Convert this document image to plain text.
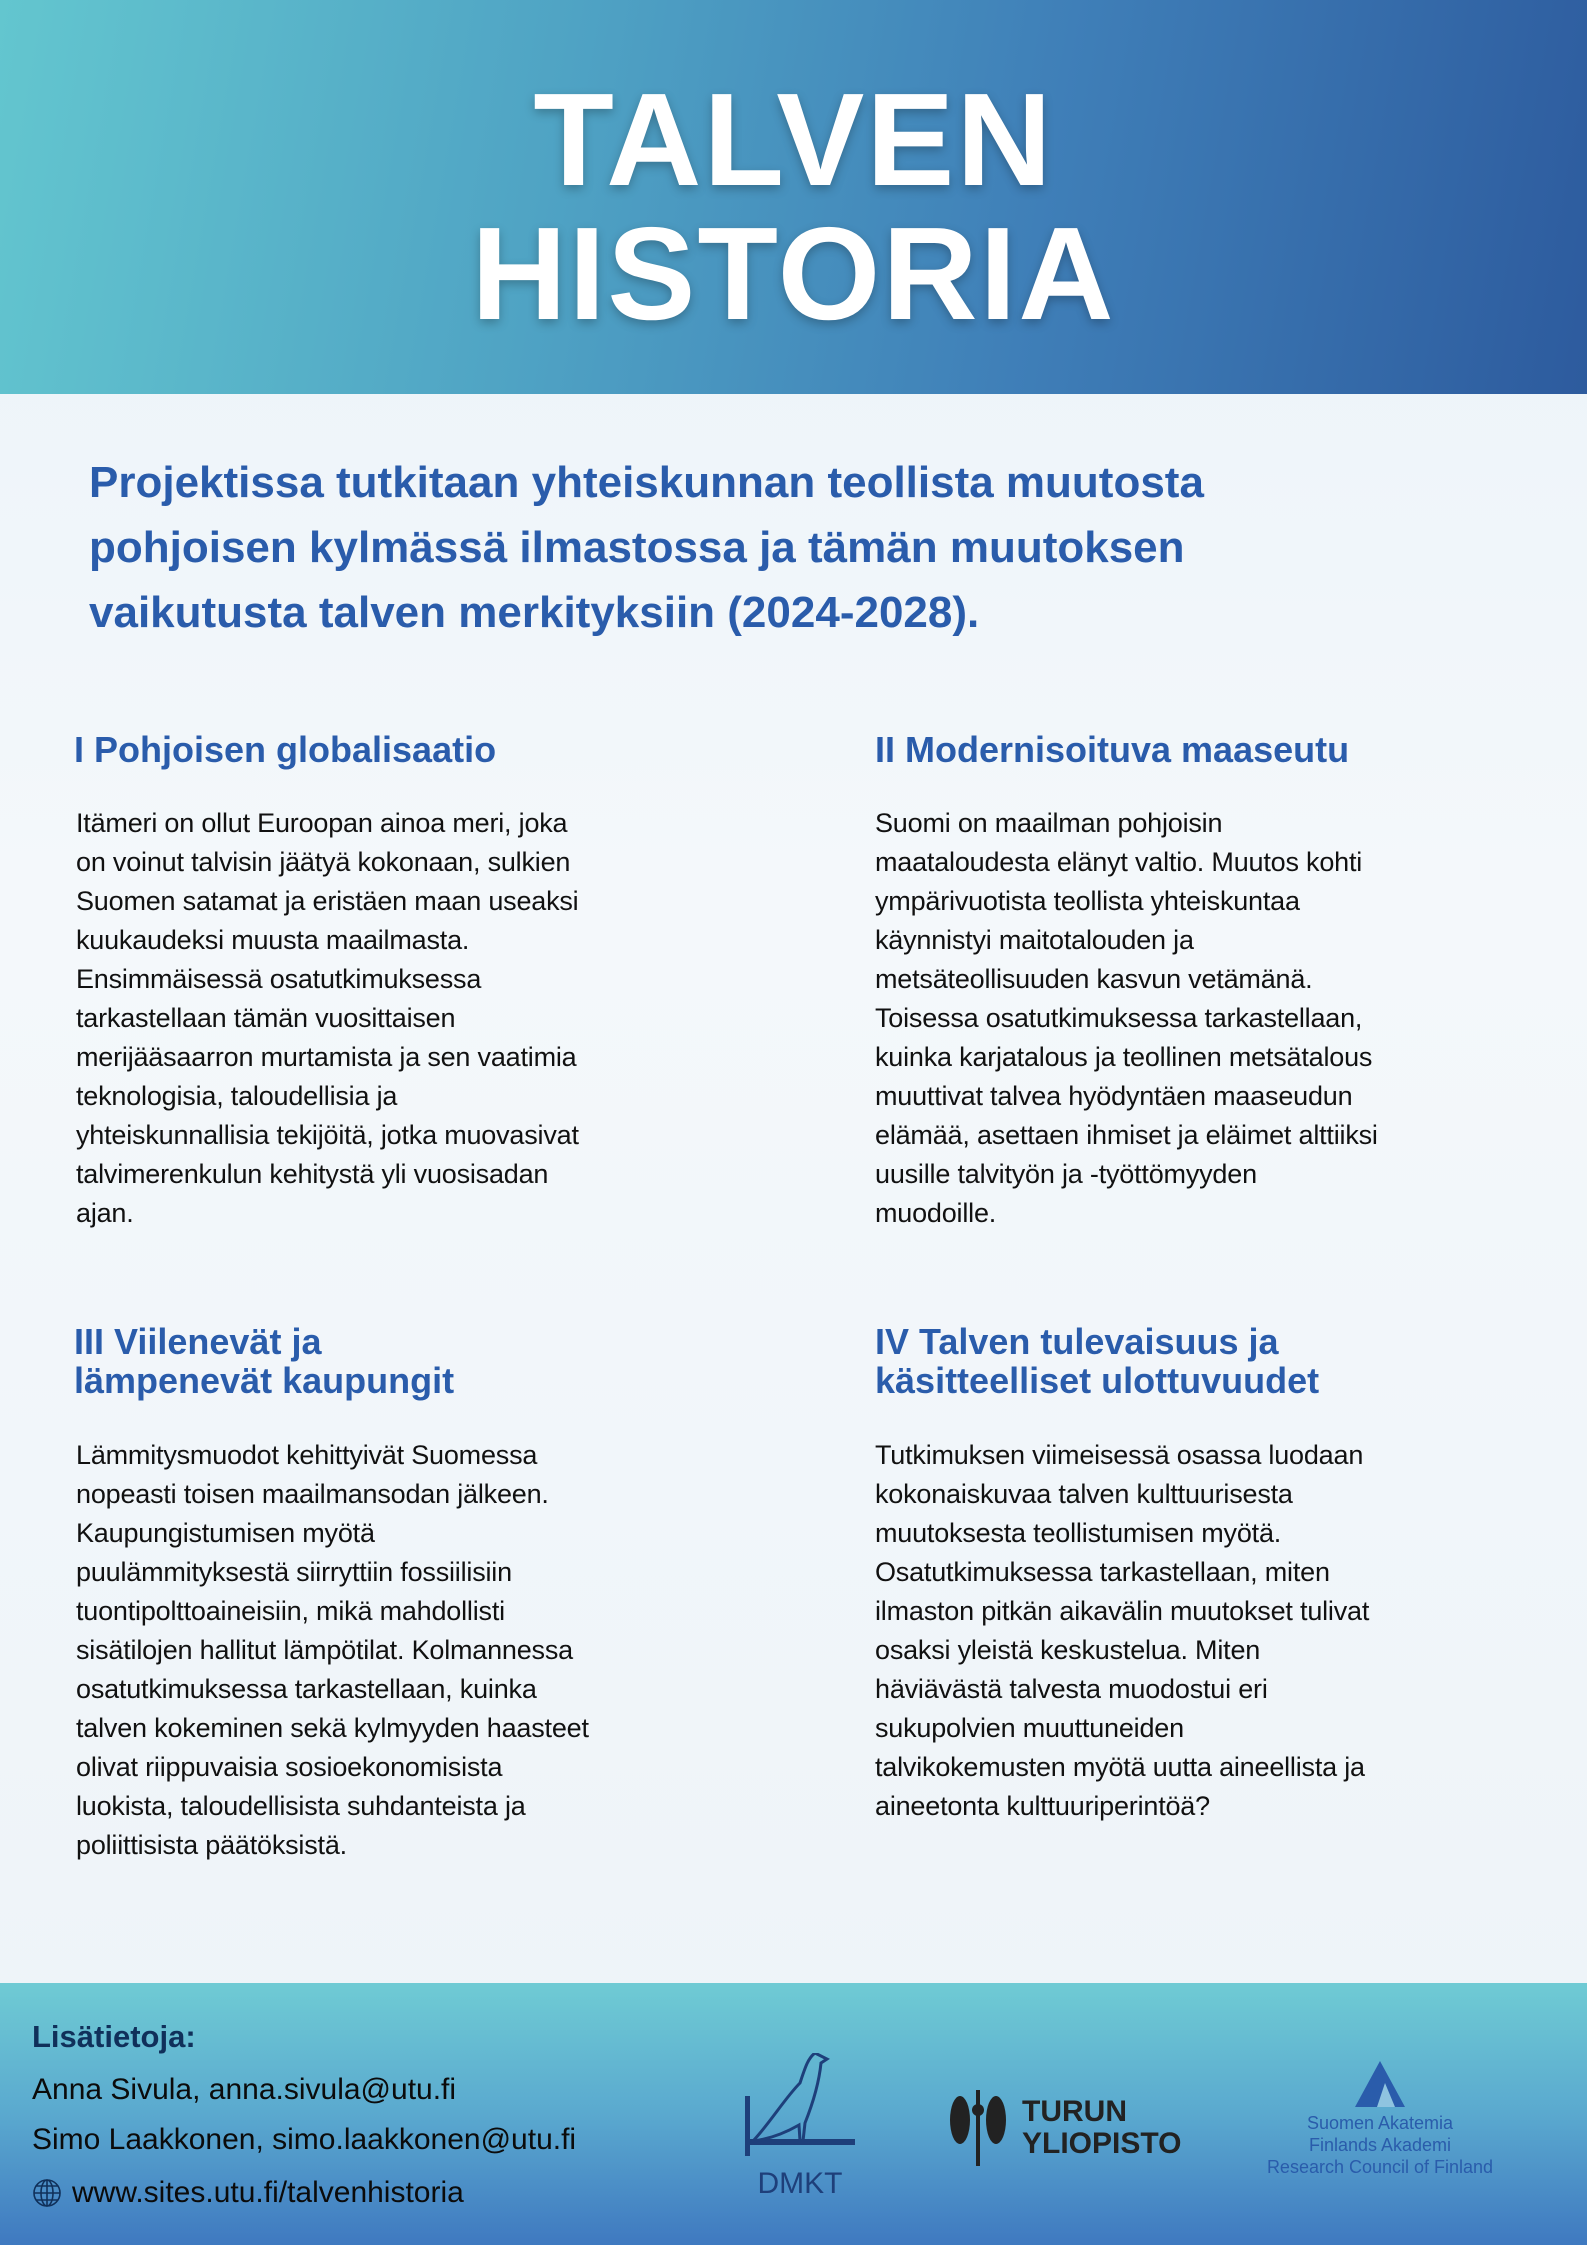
TALVEN
HISTORIA
Projektissa tutkitaan yhteiskunnan teollista muutosta
pohjoisen kylmässä ilmastossa ja tämän muutoksen
vaikutusta talven merkityksiin (2024-2028).
I Pohjoisen globalisaatio
Itämeri on ollut Euroopan ainoa meri, joka
on voinut talvisin jäätyä kokonaan, sulkien
Suomen satamat ja eristäen maan useaksi
kuukaudeksi muusta maailmasta.
Ensimmäisessä osatutkimuksessa
tarkastellaan tämän vuosittaisen
merijääsaarron murtamista ja sen vaatimia
teknologisia, taloudellisia ja
yhteiskunnallisia tekijöitä, jotka muovasivat
talvimerenkulun kehitystä yli vuosisadan
ajan.
II Modernisoituva maaseutu
Suomi on maailman pohjoisin
maataloudesta elänyt valtio. Muutos kohti
ympärivuotista teollista yhteiskuntaa
käynnistyi maitotalouden ja
metsäteollisuuden kasvun vetämänä.
Toisessa osatutkimuksessa tarkastellaan,
kuinka karjatalous ja teollinen metsätalous
muuttivat talvea hyödyntäen maaseudun
elämää, asettaen ihmiset ja eläimet alttiiksi
uusille talvityön ja -työttömyyden
muodoille.
III Viilenevät ja
lämpenevät kaupungit
Lämmitysmuodot kehittyivät Suomessa
nopeasti toisen maailmansodan jälkeen.
Kaupungistumisen myötä
puulämmityksestä siirryttiin fossiilisiin
tuontipolttoaineisiin, mikä mahdollisti
sisätilojen hallitut lämpötilat. Kolmannessa
osatutkimuksessa tarkastellaan, kuinka
talven kokeminen sekä kylmyyden haasteet
olivat riippuvaisia sosioekonomisista
luokista, taloudellisista suhdanteista ja
poliittisista päätöksistä.
IV Talven tulevaisuus ja
käsitteelliset ulottuvuudet
Tutkimuksen viimeisessä osassa luodaan
kokonaiskuvaa talven kulttuurisesta
muutoksesta teollistumisen myötä.
Osatutkimuksessa tarkastellaan, miten
ilmaston pitkän aikavälin muutokset tulivat
osaksi yleistä keskustelua. Miten
häviävästä talvesta muodostui eri
sukupolvien muuttuneiden
talvikokemusten myötä uutta aineellista ja
aineetonta kulttuuriperintöä?
Lisätietoja:
Anna Sivula, anna.sivula@utu.fi
Simo Laakkonen, simo.laakkonen@utu.fi
www.sites.utu.fi/talvenhistoria	DMKT
TURUN
YLIOPISTO
Suomen Akatemia
Finlands Akademi
Research Council of Finland
